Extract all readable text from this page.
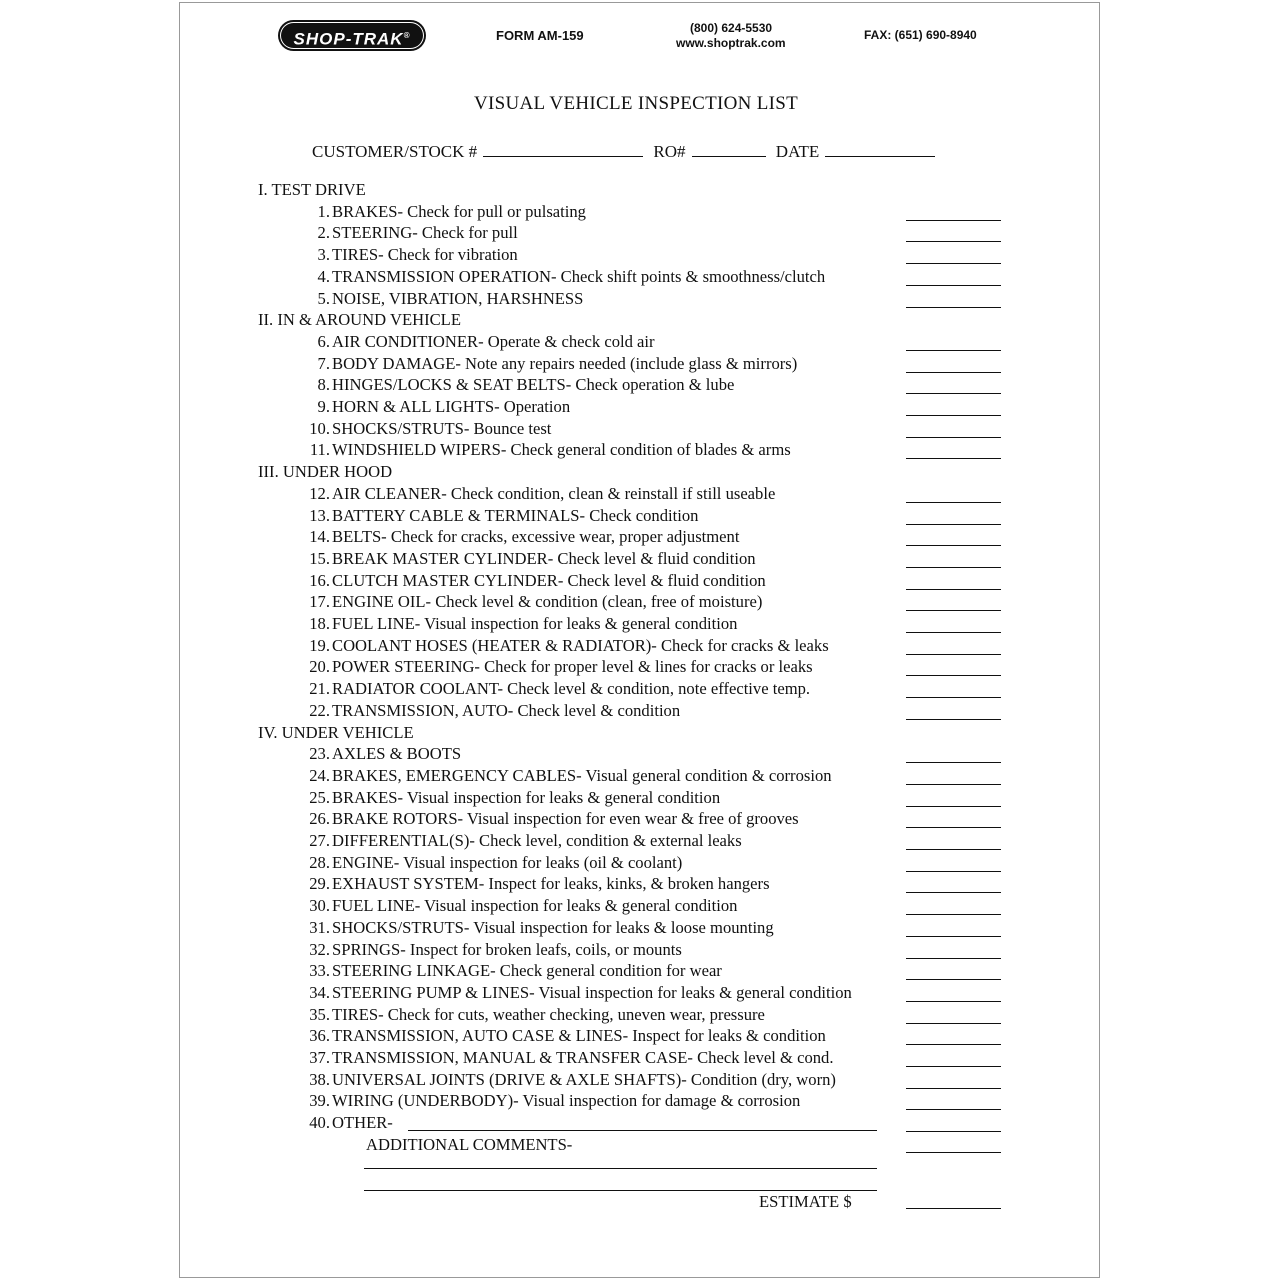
SHOP-TRAK®	FORM AM-159	(800) 624-5530
www.shoptrak.com
FAX: (651) 690-8940
VISUAL VEHICLE INSPECTION LIST
CUSTOMER/STOCK #	RO#	DATE
I. TEST DRIVE
1. BRAKES- Check for pull or pulsating
2. STEERING- Check for pull
3. TIRES- Check for vibration
4. TRANSMISSION OPERATION- Check shift points & smoothness/clutch
5. NOISE, VIBRATION, HARSHNESS
II. IN & AROUND VEHICLE
6. AIR CONDITIONER- Operate & check cold air
7. BODY DAMAGE- Note any repairs needed (include glass & mirrors)
8. HINGES/LOCKS & SEAT BELTS- Check operation & lube
9. HORN & ALL LIGHTS- Operation
10. SHOCKS/STRUTS- Bounce test
11. WINDSHIELD WIPERS- Check general condition of blades & arms
III. UNDER HOOD
12. AIR CLEANER- Check condition, clean & reinstall if still useable
13. BATTERY CABLE & TERMINALS- Check condition
14. BELTS- Check for cracks, excessive wear, proper adjustment
15. BREAK MASTER CYLINDER- Check level & fluid condition
16. CLUTCH MASTER CYLINDER- Check level & fluid condition
17. ENGINE OIL- Check level & condition (clean, free of moisture)
18. FUEL LINE- Visual inspection for leaks & general condition
19. COOLANT HOSES (HEATER & RADIATOR)- Check for cracks & leaks
20. POWER STEERING- Check for proper level & lines for cracks or leaks
21. RADIATOR COOLANT- Check level & condition, note effective temp.
22. TRANSMISSION, AUTO- Check level & condition
IV. UNDER VEHICLE
23. AXLES & BOOTS
24. BRAKES, EMERGENCY CABLES- Visual general condition & corrosion
25. BRAKES- Visual inspection for leaks & general condition
26. BRAKE ROTORS- Visual inspection for even wear & free of grooves
27. DIFFERENTIAL(S)- Check level, condition & external leaks
28. ENGINE- Visual inspection for leaks (oil & coolant)
29. EXHAUST SYSTEM- Inspect for leaks, kinks, & broken hangers
30. FUEL LINE- Visual inspection for leaks & general condition
31. SHOCKS/STRUTS- Visual inspection for leaks & loose mounting
32. SPRINGS- Inspect for broken leafs, coils, or mounts
33. STEERING LINKAGE- Check general condition for wear
34. STEERING PUMP & LINES- Visual inspection for leaks & general condition
35. TIRES- Check for cuts, weather checking, uneven wear, pressure
36. TRANSMISSION, AUTO CASE & LINES- Inspect for leaks & condition
37. TRANSMISSION, MANUAL & TRANSFER CASE- Check level & cond.
38. UNIVERSAL JOINTS (DRIVE & AXLE SHAFTS)- Condition (dry, worn)
39. WIRING (UNDERBODY)- Visual inspection for damage & corrosion
40. OTHER-
ADDITIONAL COMMENTS-
ESTIMATE $
